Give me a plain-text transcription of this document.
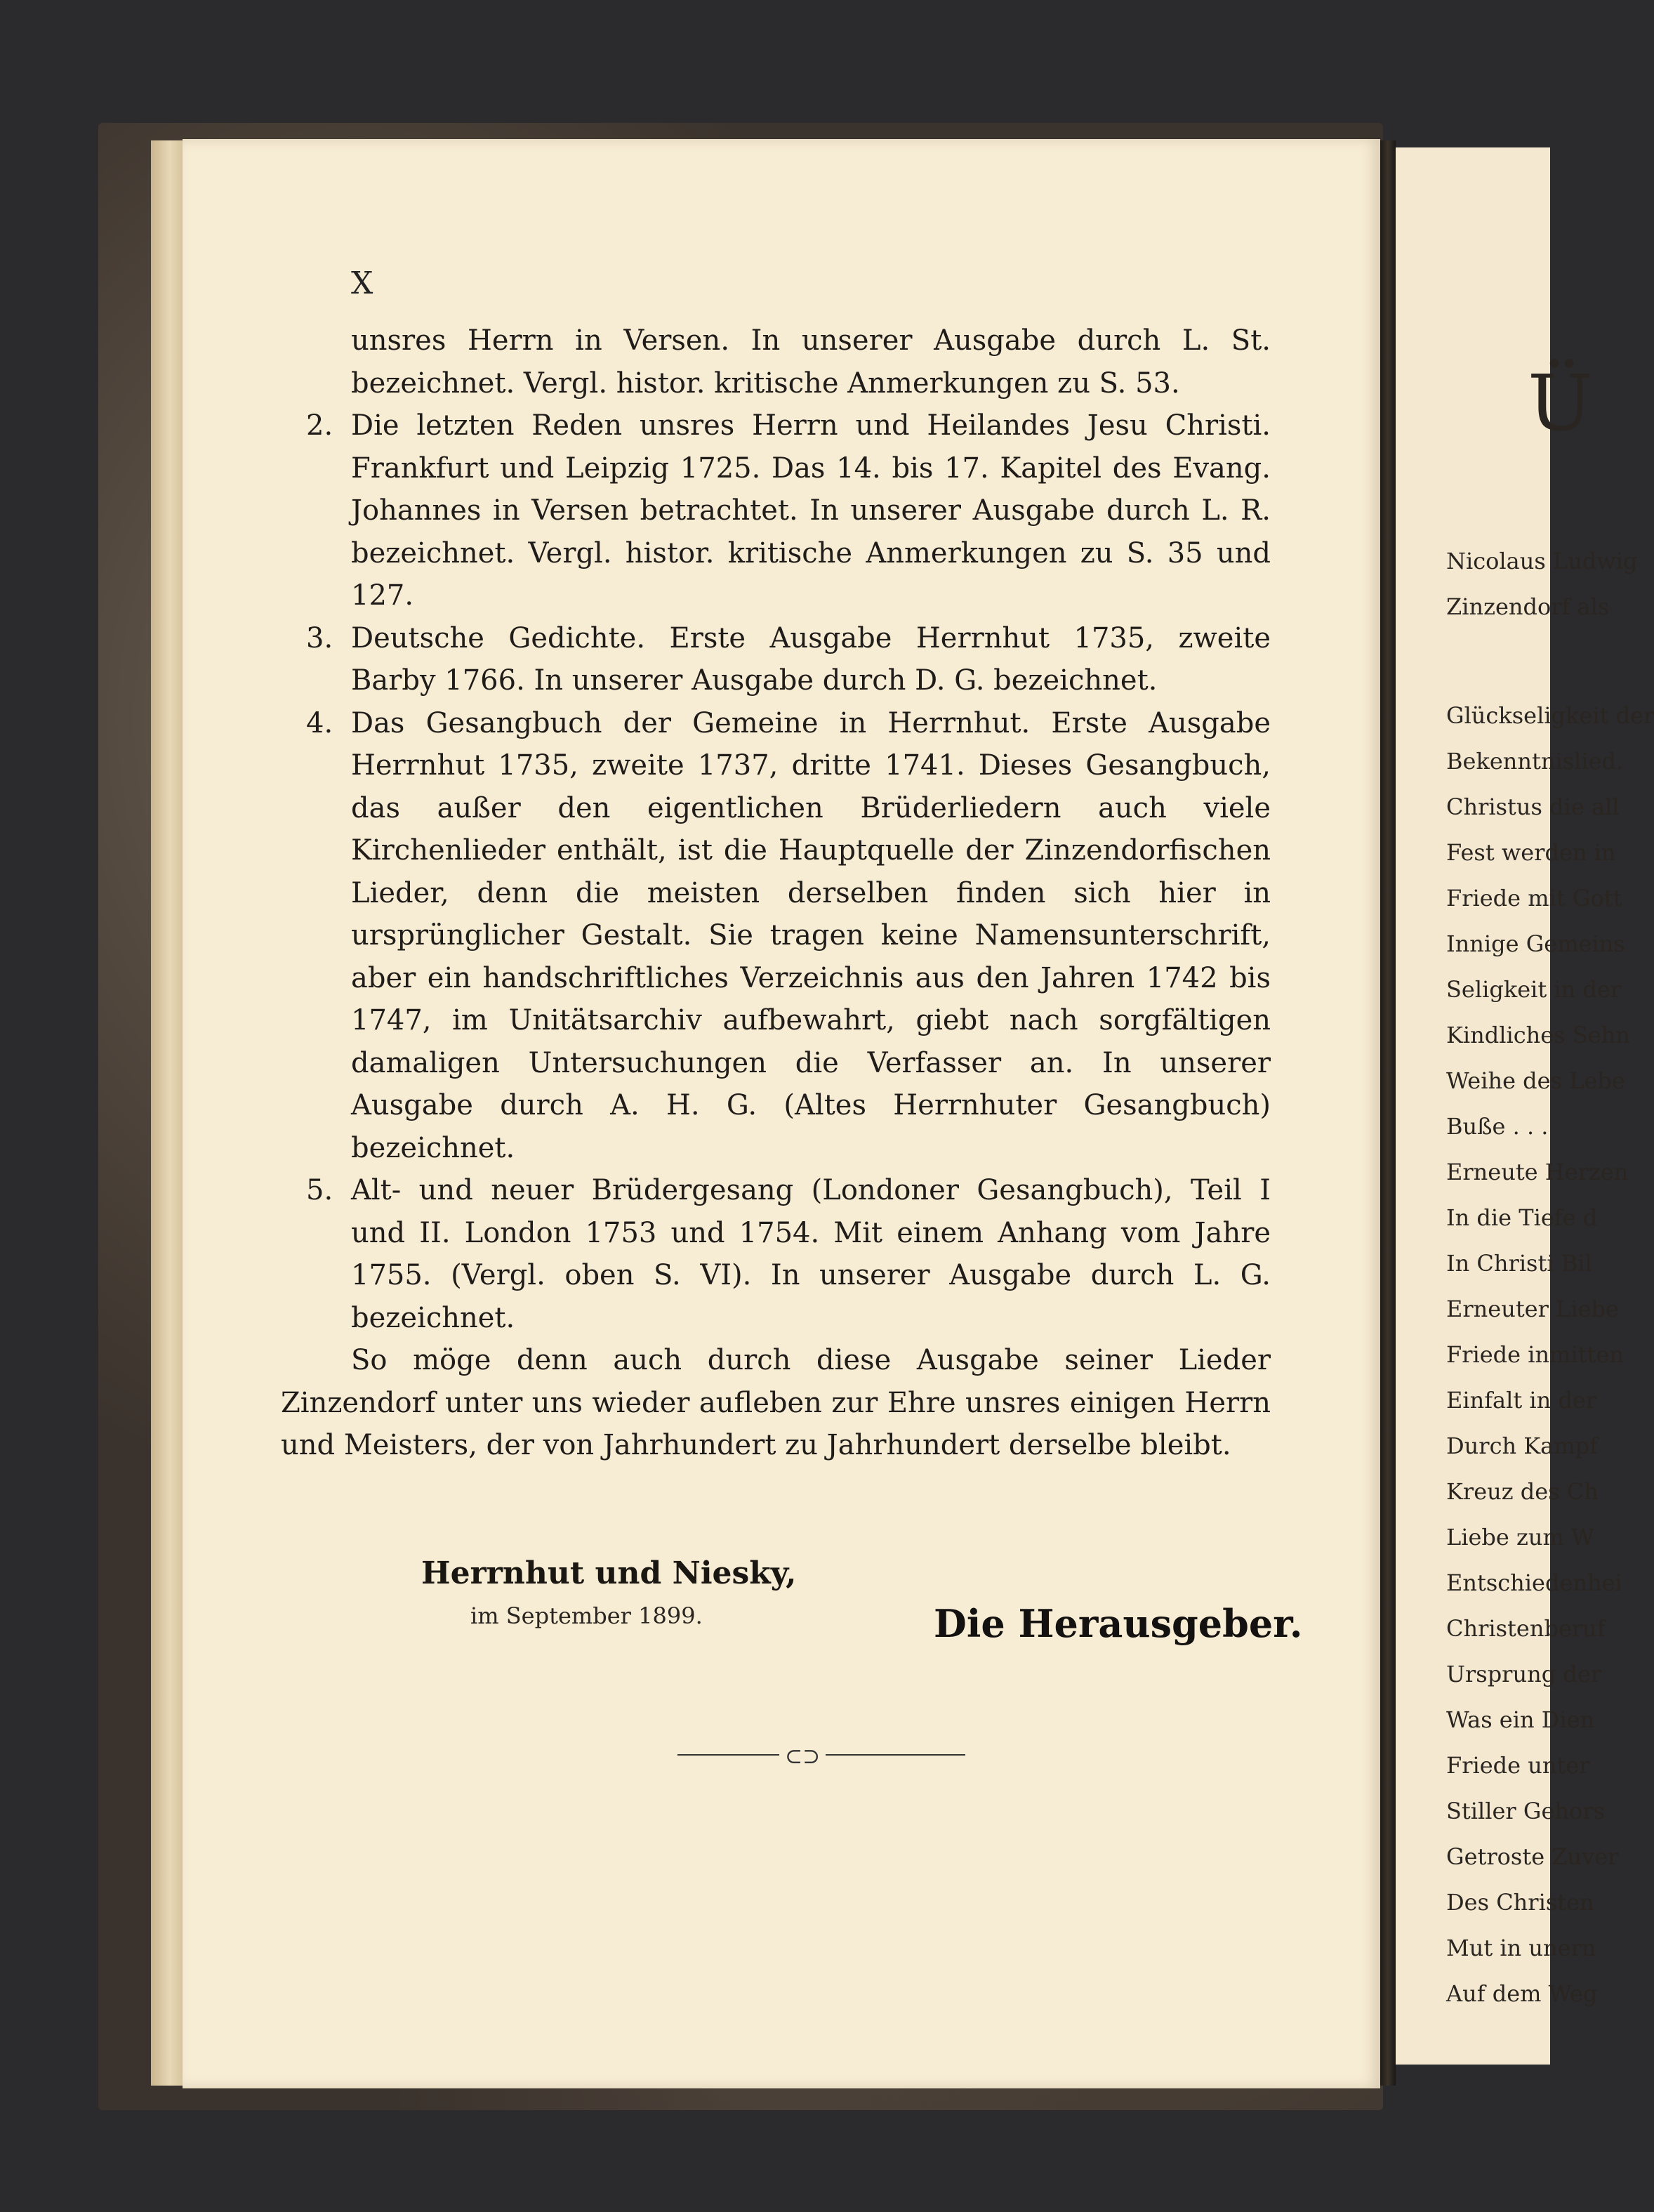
Ü
Nicolaus Ludwig
Zinzendorf als
Glückseligkeit der
Bekenntnislied.
Christus die all
Fest werden in
Friede mit Gott
Innige Gemeins
Seligkeit in der
Kindliches Sehn
Weihe des Lebe
Buße . . .
Erneute Herzen
In die Tiefe d
In Christi Bil
Erneuter Liebe
Friede inmitten
Einfalt in der
Durch Kampf
Kreuz des Ch
Liebe zum W
Entschiedenhei
Christenberuf
Ursprung der
Was ein Dien
Friede unter
Stiller Gehors
Getroste Zuver
Des Christen
Mut in unern
Auf dem Weg
X
unsres Herrn in Versen. In unserer Ausgabe durch L. St. bezeichnet. Vergl. histor. kritische Anmerkungen zu S. 53.
2. Die letzten Reden unsres Herrn und Heilandes Jesu Christi. Frankfurt und Leipzig 1725. Das 14. bis 17. Kapitel des Evang. Johannes in Versen betrachtet. In unserer Ausgabe durch L. R. bezeichnet. Vergl. histor. kritische Anmerkungen zu S. 35 und 127.
3. Deutsche Gedichte. Erste Ausgabe Herrnhut 1735, zweite Barby 1766. In unserer Ausgabe durch D. G. bezeichnet.
4. Das Gesangbuch der Gemeine in Herrnhut. Erste Ausgabe Herrnhut 1735, zweite 1737, dritte 1741. Dieses Gesangbuch, das außer den eigentlichen Brüderliedern auch viele Kirchenlieder enthält, ist die Hauptquelle der Zinzendorfischen Lieder, denn die meisten derselben finden sich hier in ursprünglicher Gestalt. Sie tragen keine Namensunterschrift, aber ein handschriftliches Verzeichnis aus den Jahren 1742 bis 1747, im Unitätsarchiv aufbewahrt, giebt nach sorgfältigen damaligen Untersuchungen die Verfasser an. In unserer Ausgabe durch A. H. G. (Altes Herrnhuter Gesangbuch) bezeichnet.
5. Alt- und neuer Brüdergesang (Londoner Gesangbuch), Teil I und II. London 1753 und 1754. Mit einem Anhang vom Jahre 1755. (Vergl. oben S. VI). In unserer Ausgabe durch L. G. bezeichnet.
So möge denn auch durch diese Ausgabe seiner Lieder Zinzendorf unter uns wieder aufleben zur Ehre unsres einigen Herrn und Meisters, der von Jahrhundert zu Jahrhundert derselbe bleibt.
Herrnhut und Niesky,
im September 1899.	Die Herausgeber.
⊂⊃
